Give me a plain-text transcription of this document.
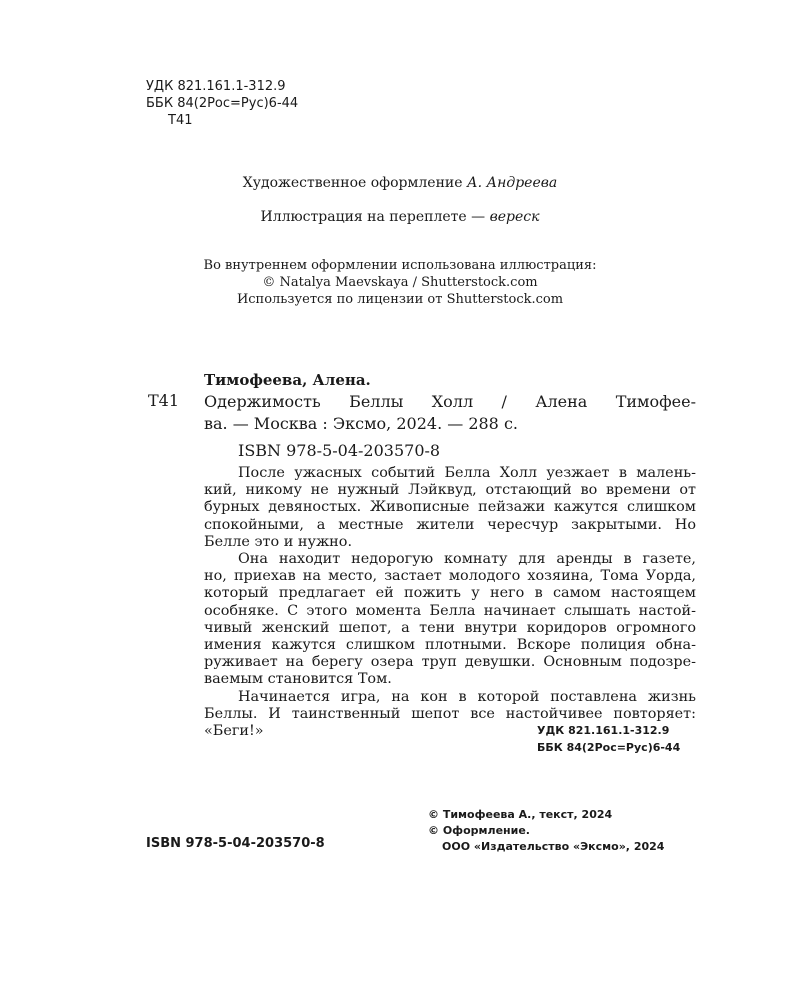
УДК 821.161.1-312.9
ББК 84(2Рос=Рус)6-44
Т41
Художественное оформление А. Андреева
Иллюстрация на переплете — вереск
Во внутреннем оформлении использована иллюстрация:
© Natalya Maevskaya / Shutterstock.com
Используется по лицензии от Shutterstock.com
Тимофеева, Алена.
Т41 Одержимость Беллы Холл / Алена Тимофее-
ва. — Москва : Эксмо, 2024. — 288 с.
ISBN 978-5-04-203570-8

После ужасных событий Белла Холл уезжает в малень-
кий, никому не нужный Лэйквуд, отстающий во времени от
бурных девяностых. Живописные пейзажи кажутся слишком
спокойными, а местные жители чересчур закрытыми. Но
Белле это и нужно.

Она находит недорогую комнату для аренды в газете,
но, приехав на место, застает молодого хозяина, Тома Уорда,
который предлагает ей пожить у него в самом настоящем
особняке. С этого момента Белла начинает слышать настой-
чивый женский шепот, а тени внутри коридоров огромного
имения кажутся слишком плотными. Вскоре полиция обна-
руживает на берегу озера труп девушки. Основным подозре-
ваемым становится Том.

Начинается игра, на кон в которой поставлена жизнь
Беллы. И таинственный шепот все настойчивее повторяет:
«Беги!»	УДК 821.161.1-312.9
ББК 84(2Рос=Рус)6-44
© Тимофеева А., текст, 2024
© Оформление.
ООО «Издательство «Эксмо», 2024
ISBN 978-5-04-203570-8
